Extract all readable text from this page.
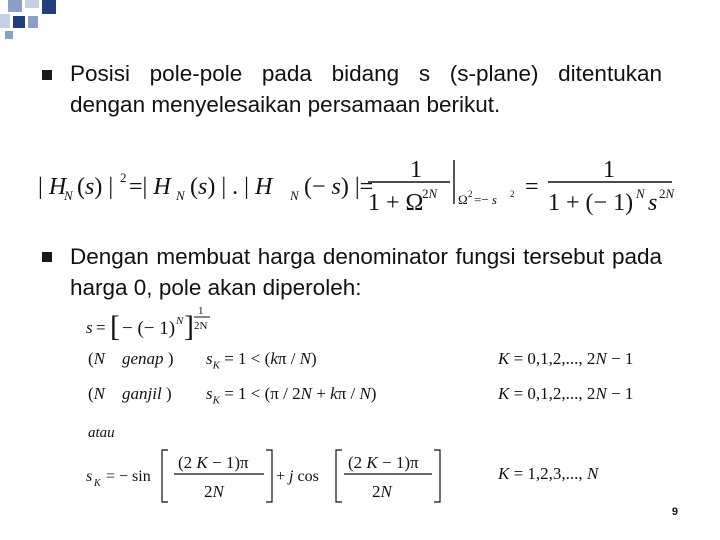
Posisi pole-pole pada bidang s (s-plane) ditentukan dengan menyelesaikan persamaan berikut.
| H
N (s) | 2 =| H N (s) | . | H N (− s) |=
1
1 + Ω
2N Ω 2 =− s 2 =
1
1 + (− 1) N s 2N
Dengan membuat harga denominator fungsi tersebut pada harga 0, pole akan diperoleh:
s = [ − (− 1) N ] 1
2N
(N genap ) $s_K = 1 < (k\pi / N)$	K = 0,1,2,..., 2N − 1
(N ganjil ) $s_K = 1 < (\pi / 2N + k\pi / N)$	K = 0,1,2,..., 2N − 1
atau
s K = − sin
(2 K − 1)π
2N
+ j cos
(2 K − 1)π
2N
K = 1,2,3,..., N
9
